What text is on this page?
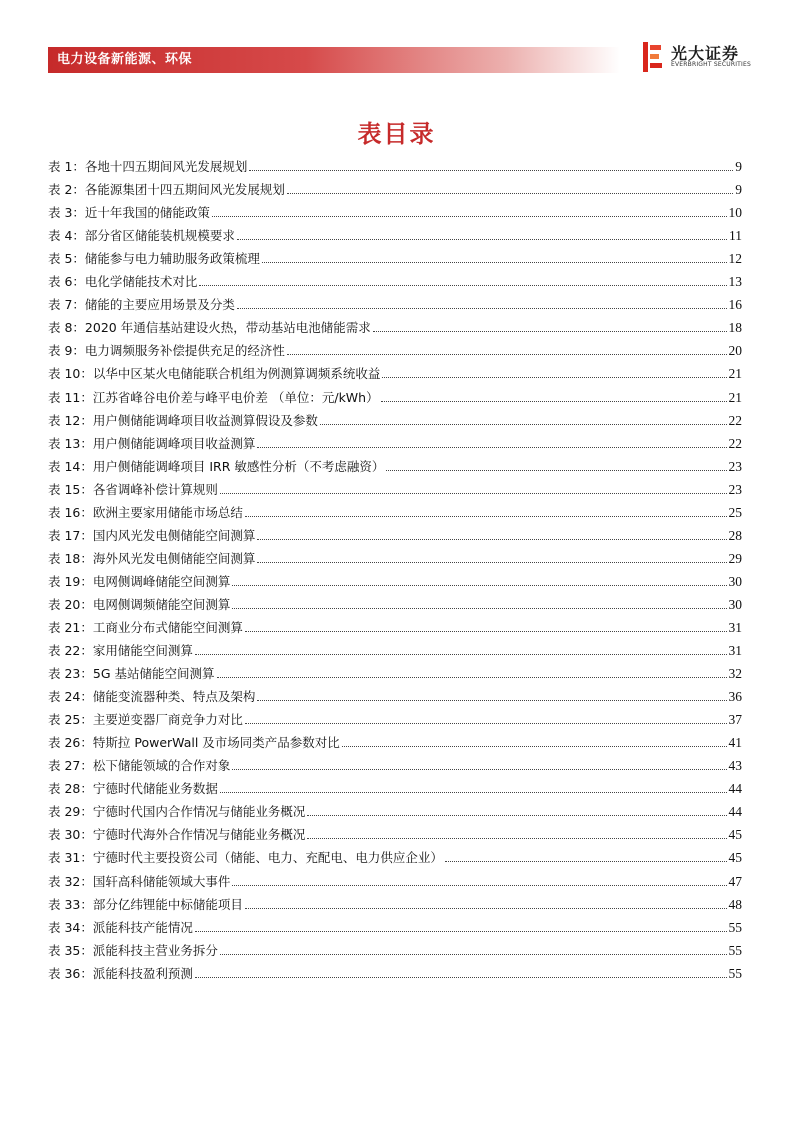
电力设备新能源、环保	光大证券
EVERBRIGHT SECURITIES
表目录
表 1：各地十四五期间风光发展规划	9
表 2：各能源集团十四五期间风光发展规划	9
表 3：近十年我国的储能政策	10
表 4：部分省区储能装机规模要求	11
表 5：储能参与电力辅助服务政策梳理	12
表 6：电化学储能技术对比	13
表 7：储能的主要应用场景及分类	16
表 8：2020 年通信基站建设火热，带动基站电池储能需求	18
表 9：电力调频服务补偿提供充足的经济性	20
表 10：以华中区某火电储能联合机组为例测算调频系统收益	21
表 11：江苏省峰谷电价差与峰平电价差 （单位：元/kWh）	21
表 12：用户侧储能调峰项目收益测算假设及参数	22
表 13：用户侧储能调峰项目收益测算	22
表 14：用户侧储能调峰项目 IRR 敏感性分析（不考虑融资）	23
表 15：各省调峰补偿计算规则	23
表 16：欧洲主要家用储能市场总结	25
表 17：国内风光发电侧储能空间测算	28
表 18：海外风光发电侧储能空间测算	29
表 19：电网侧调峰储能空间测算	30
表 20：电网侧调频储能空间测算	30
表 21：工商业分布式储能空间测算	31
表 22：家用储能空间测算	31
表 23：5G 基站储能空间测算	32
表 24：储能变流器种类、特点及架构	36
表 25：主要逆变器厂商竞争力对比	37
表 26：特斯拉 PowerWall 及市场同类产品参数对比	41
表 27：松下储能领域的合作对象	43
表 28：宁德时代储能业务数据	44
表 29：宁德时代国内合作情况与储能业务概况	44
表 30：宁德时代海外合作情况与储能业务概况	45
表 31：宁德时代主要投资公司（储能、电力、充配电、电力供应企业）	45
表 32：国轩高科储能领域大事件	47
表 33：部分亿纬锂能中标储能项目	48
表 34：派能科技产能情况	55
表 35：派能科技主营业务拆分	55
表 36：派能科技盈利预测	55
